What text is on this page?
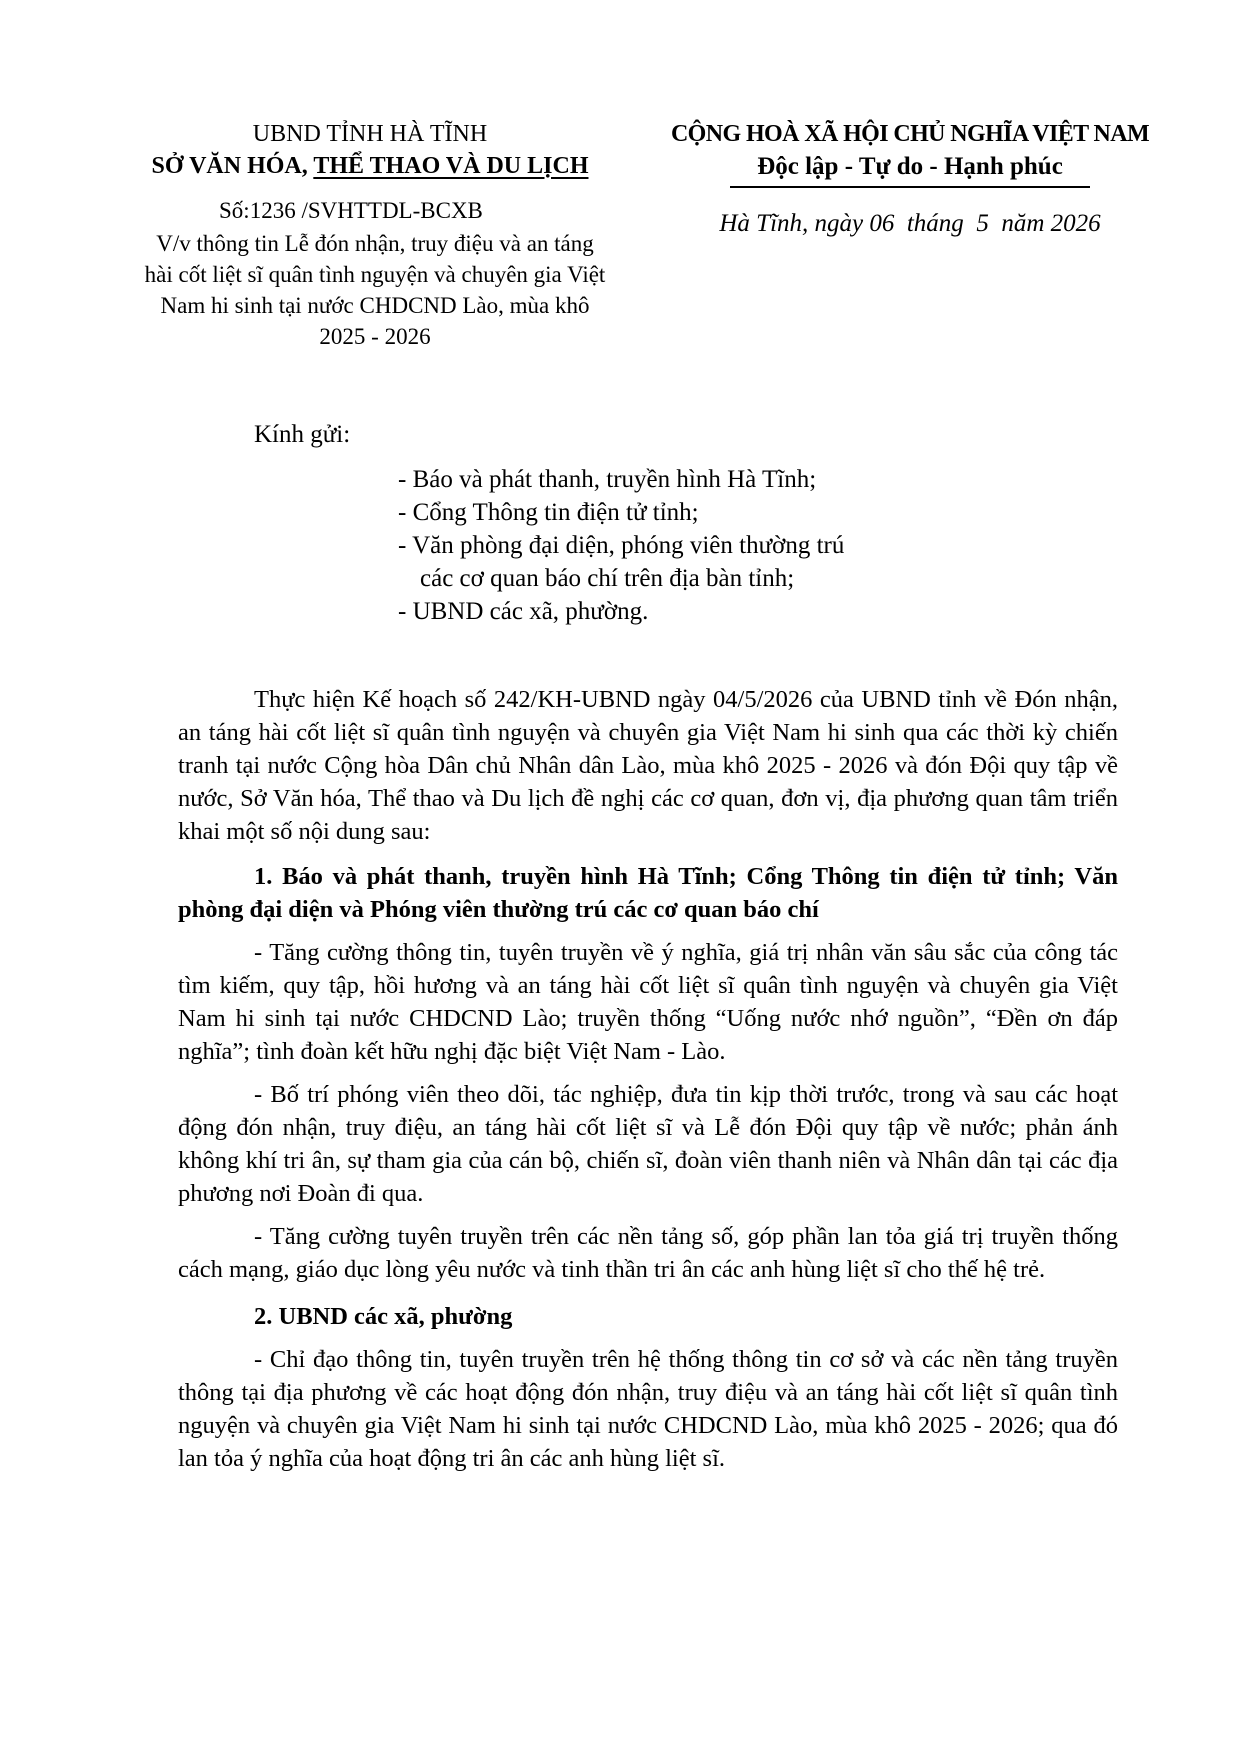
UBND TỈNH HÀ TĨNH
SỞ VĂN HÓA, THỂ THAO VÀ DU LỊCH
Số:1236 /SVHTTDL-BCXB
V/v thông tin Lễ đón nhận, truy điệu và an táng hài cốt liệt sĩ quân tình nguyện và chuyên gia Việt Nam hi sinh tại nước CHDCND Lào, mùa khô 2025 - 2026
CỘNG HOÀ XÃ HỘI CHỦ NGHĨA VIỆT NAM
Độc lập - Tự do - Hạnh phúc
Hà Tĩnh, ngày 06  tháng  5  năm 2026
Kính gửi:
- Báo và phát thanh, truyền hình Hà Tĩnh;
- Cổng Thông tin điện tử tỉnh;
- Văn phòng đại diện, phóng viên thường trú
các cơ quan báo chí trên địa bàn tỉnh;
- UBND các xã, phường.

Thực hiện Kế hoạch số 242/KH-UBND ngày 04/5/2026 của UBND tỉnh về Đón nhận, an táng hài cốt liệt sĩ quân tình nguyện và chuyên gia Việt Nam hi sinh qua các thời kỳ chiến tranh tại nước Cộng hòa Dân chủ Nhân dân Lào, mùa khô 2025 - 2026 và đón Đội quy tập về nước, Sở Văn hóa, Thể thao và Du lịch đề nghị các cơ quan, đơn vị, địa phương quan tâm triển khai một số nội dung sau:

1. Báo và phát thanh, truyền hình Hà Tĩnh; Cổng Thông tin điện tử tỉnh; Văn phòng đại diện và Phóng viên thường trú các cơ quan báo chí

- Tăng cường thông tin, tuyên truyền về ý nghĩa, giá trị nhân văn sâu sắc của công tác tìm kiếm, quy tập, hồi hương và an táng hài cốt liệt sĩ quân tình nguyện và chuyên gia Việt Nam hi sinh tại nước CHDCND Lào; truyền thống “Uống nước nhớ nguồn”, “Đền ơn đáp nghĩa”; tình đoàn kết hữu nghị đặc biệt Việt Nam - Lào.

- Bố trí phóng viên theo dõi, tác nghiệp, đưa tin kịp thời trước, trong và sau các hoạt động đón nhận, truy điệu, an táng hài cốt liệt sĩ và Lễ đón Đội quy tập về nước; phản ánh không khí tri ân, sự tham gia của cán bộ, chiến sĩ, đoàn viên thanh niên và Nhân dân tại các địa phương nơi Đoàn đi qua.

- Tăng cường tuyên truyền trên các nền tảng số, góp phần lan tỏa giá trị truyền thống cách mạng, giáo dục lòng yêu nước và tinh thần tri ân các anh hùng liệt sĩ cho thế hệ trẻ.

2. UBND các xã, phường

- Chỉ đạo thông tin, tuyên truyền trên hệ thống thông tin cơ sở và các nền tảng truyền thông tại địa phương về các hoạt động đón nhận, truy điệu và an táng hài cốt liệt sĩ quân tình nguyện và chuyên gia Việt Nam hi sinh tại nước CHDCND Lào, mùa khô 2025 - 2026; qua đó lan tỏa ý nghĩa của hoạt động tri ân các anh hùng liệt sĩ.
